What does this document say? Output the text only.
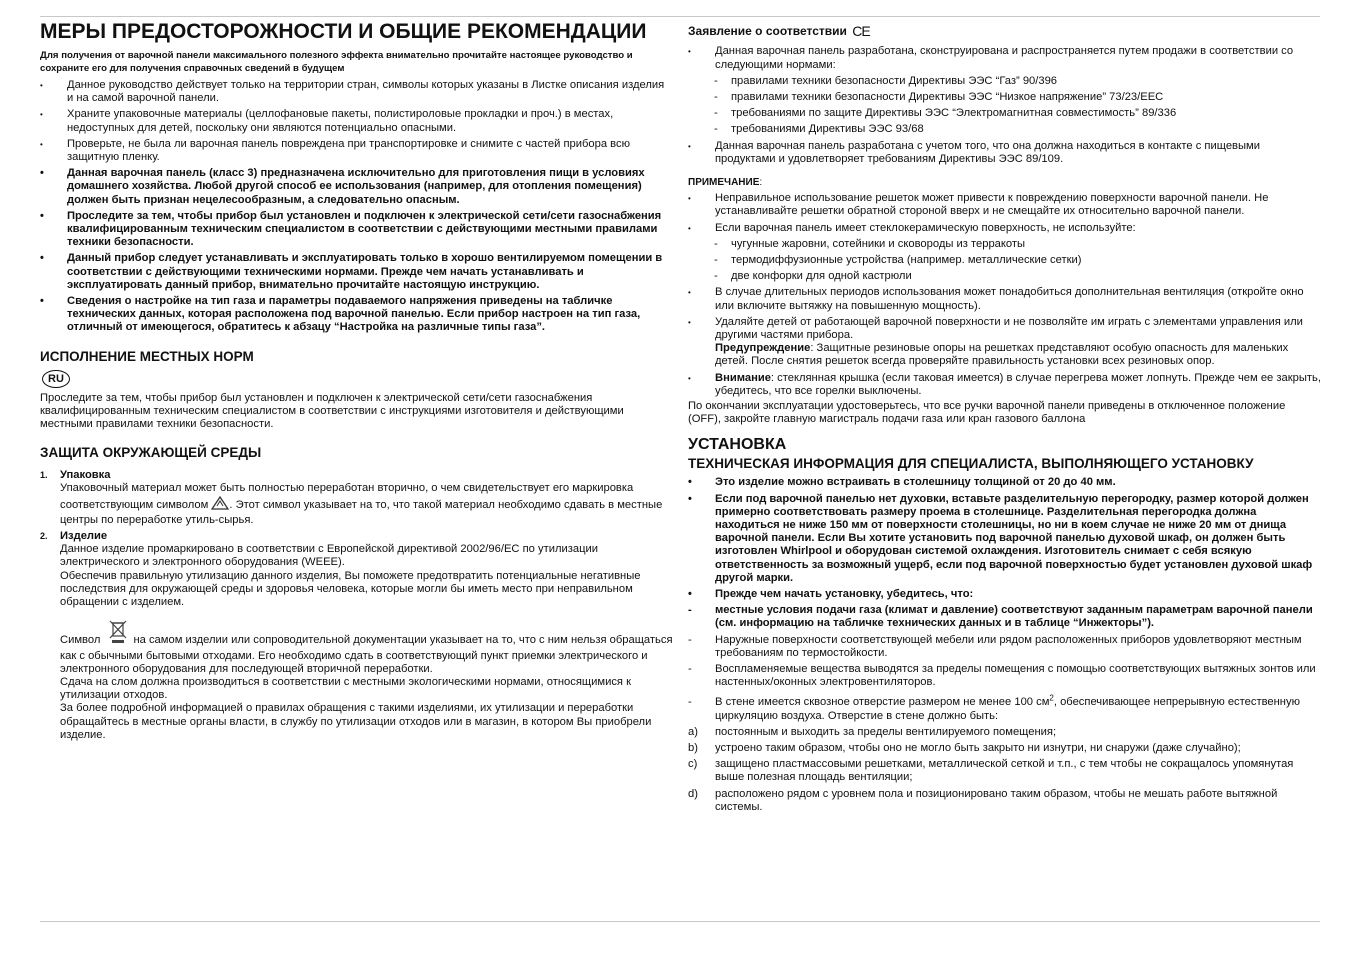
МЕРЫ ПРЕДОСТОРОЖНОСТИ И ОБЩИЕ РЕКОМЕНДАЦИИ

Для получения от варочной панели максимального полезного эффекта внимательно прочитайте настоящее руководство и сохраните его для получения справочных сведений в будущем

• Данное руководство действует только на территории стран, символы которых указаны в Листке описания изделия и на самой варочной панели.
• Храните упаковочные материалы (целлофановые пакеты, полистироловые прокладки и проч.) в местах, недоступных для детей, поскольку они являются потенциально опасными.
• Проверьте, не была ли варочная панель повреждена при транспортировке и снимите с частей прибора всю защитную пленку.
• Данная варочная панель (класс 3) предназначена исключительно для приготовления пищи в условиях домашнего хозяйства. Любой другой способ ее использования (например, для отопления помещения) должен быть признан нецелесообразным, а следовательно опасным.
• Проследите за тем, чтобы прибор был установлен и подключен к электрической сети/сети газоснабжения квалифицированным техническим специалистом в соответствии с действующими местными правилами техники безопасности.
• Данный прибор следует устанавливать и эксплуатировать только в хорошо вентилируемом помещении в соответствии с действующими техническими нормами. Прежде чем начать устанавливать и эксплуатировать данный прибор, внимательно прочитайте настоящую инструкцию.
• Сведения о настройке на тип газа и параметры подаваемого напряжения приведены на табличке технических данных, которая расположена под варочной панелью. Если прибор настроен на тип газа, отличный от имеющегося, обратитесь к абзацу “Настройка на различные типы газа”.
ИСПОЛНЕНИЕ МЕСТНЫХ НОРМ
RU

Проследите за тем, чтобы прибор был установлен и подключен к электрической сети/сети газоснабжения квалифицированным техническим специалистом в соответствии с инструкциями изготовителя и действующими местными правилами техники безопасности.

ЗАЩИТА ОКРУЖАЮЩЕЙ СРЕДЫ
1.	Упаковка

Упаковочный материал может быть полностью переработан вторично, о чем свидетельствует его маркировка соответствующим символом . Этот символ указывает на то, что такой материал необходимо сдавать в местные центры по переработке утиль-сырья.

2.	Изделие

Данное изделие промаркировано в соответствии с Европейской директивой 2002/96/EC по утилизации электрического и электронного оборудования (WEEE).

Обеспечив правильную утилизацию данного изделия, Вы поможете предотвратить потенциальные негативные последствия для окружающей среды и здоровья человека, которые могли бы иметь место при неправильном обращении с изделием.

Символ	на самом изделии или сопроводительной документации указывает на то, что с ним нельзя обращаться как с обычными бытовыми отходами. Его необходимо сдать в соответствующий пункт приемки электрического и электронного оборудования для последующей вторичной переработки.

Сдача на слом должна производиться в соответствии с местными экологическими нормами, относящимися к утилизации отходов.

За более подробной информацией о правилах обращения с такими изделиями, их утилизации и переработки обращайтесь в местные органы власти, в службу по утилизации отходов или в магазин, в котором Вы приобрели изделие.

Заявление о соответствии CE
• Данная варочная панель разработана, сконструирована и распространяется путем продажи в соответствии со следующими нормами:
- правилами техники безопасности Директивы ЭЭС “Газ” 90/396
- правилами техники безопасности Директивы ЭЭС “Низкое напряжение” 73/23/EEC
- требованиями по защите Директивы ЭЭС “Электромагнитная совместимость” 89/336
- требованиями Директивы ЭЭС 93/68
• Данная варочная панель разработана с учетом того, что она должна находиться в контакте с пищевыми продуктами и удовлетворяет требованиям Директивы ЭЭС 89/109.
ПРИМЕЧАНИЕ:
• Неправильное использование решеток может привести к повреждению поверхности варочной панели. Не устанавливайте решетки обратной стороной вверх и не смещайте их относительно варочной панели.
• Если варочная панель имеет стеклокерамическую поверхность, не используйте:
- чугунные жаровни, сотейники и сковороды из терракоты
- термодиффузионные устройства (например. металлические сетки)
- две конфорки для одной кастрюли
• В случае длительных периодов использования может понадобиться дополнительная вентиляция (откройте окно или включите вытяжку на повышенную мощность).
• Удаляйте детей от работающей варочной поверхности и не позволяйте им играть с элементами управления или другими частями прибора.
Предупреждение: Защитные резиновые опоры на решетках представляют особую опасность для маленьких детей. После снятия решеток всегда проверяйте правильность установки всех резиновых опор.
• Внимание: стеклянная крышка (если таковая имеется) в случае перегрева может лопнуть. Прежде чем ее закрыть, убедитесь, что все горелки выключены.

По окончании эксплуатации удостоверьтесь, что все ручки варочной панели приведены в отключенное положение (OFF), закройте главную магистраль подачи газа или кран газового баллона

УСТАНОВКА
ТЕХНИЧЕСКАЯ ИНФОРМАЦИЯ ДЛЯ СПЕЦИАЛИСТА, ВЫПОЛНЯЮЩЕГО УСТАНОВКУ
• Это изделие можно встраивать в столешницу толщиной от 20 до 40 мм.
• Если под варочной панелью нет духовки, вставьте разделительную перегородку, размер которой должен примерно соответствовать размеру проема в столешнице. Разделительная перегородка должна находиться не ниже 150 мм от поверхности столешницы, но ни в коем случае не ниже 20 мм от днища варочной панели. Если Вы хотите установить под варочной панелью духовой шкаф, он должен быть изготовлен Whirlpool и оборудован системой охлаждения. Изготовитель снимает с себя всякую ответственность за возможный ущерб, если под варочной поверхностью будет установлен духовой шкаф другой марки.
• Прежде чем начать установку, убедитесь, что:
- местные условия подачи газа (климат и давление) соответствуют заданным параметрам варочной панели (см. информацию на табличке технических данных и в таблице “Инжекторы”).
- Наружные поверхности соответствующей мебели или рядом расположенных приборов удовлетворяют местным требованиям по термостойкости.
- Воспламеняемые вещества выводятся за пределы помещения с помощью соответствующих вытяжных зонтов или настенных/оконных электровентиляторов.
- В стене имеется сквозное отверстие размером не менее 100 $см^2$, обеспечивающее непрерывную естественную циркуляцию воздуха. Отверстие в стене должно быть:
a) постоянным и выходить за пределы вентилируемого помещения;
b) устроено таким образом, чтобы оно не могло быть закрыто ни изнутри, ни снаружи (даже случайно);
c) защищено пластмассовыми решетками, металлической сеткой и т.п., с тем чтобы не сокращалось упомянутая выше полезная площадь вентиляции;
d) расположено рядом с уровнем пола и позиционировано таким образом, чтобы не мешать работе вытяжной системы.
